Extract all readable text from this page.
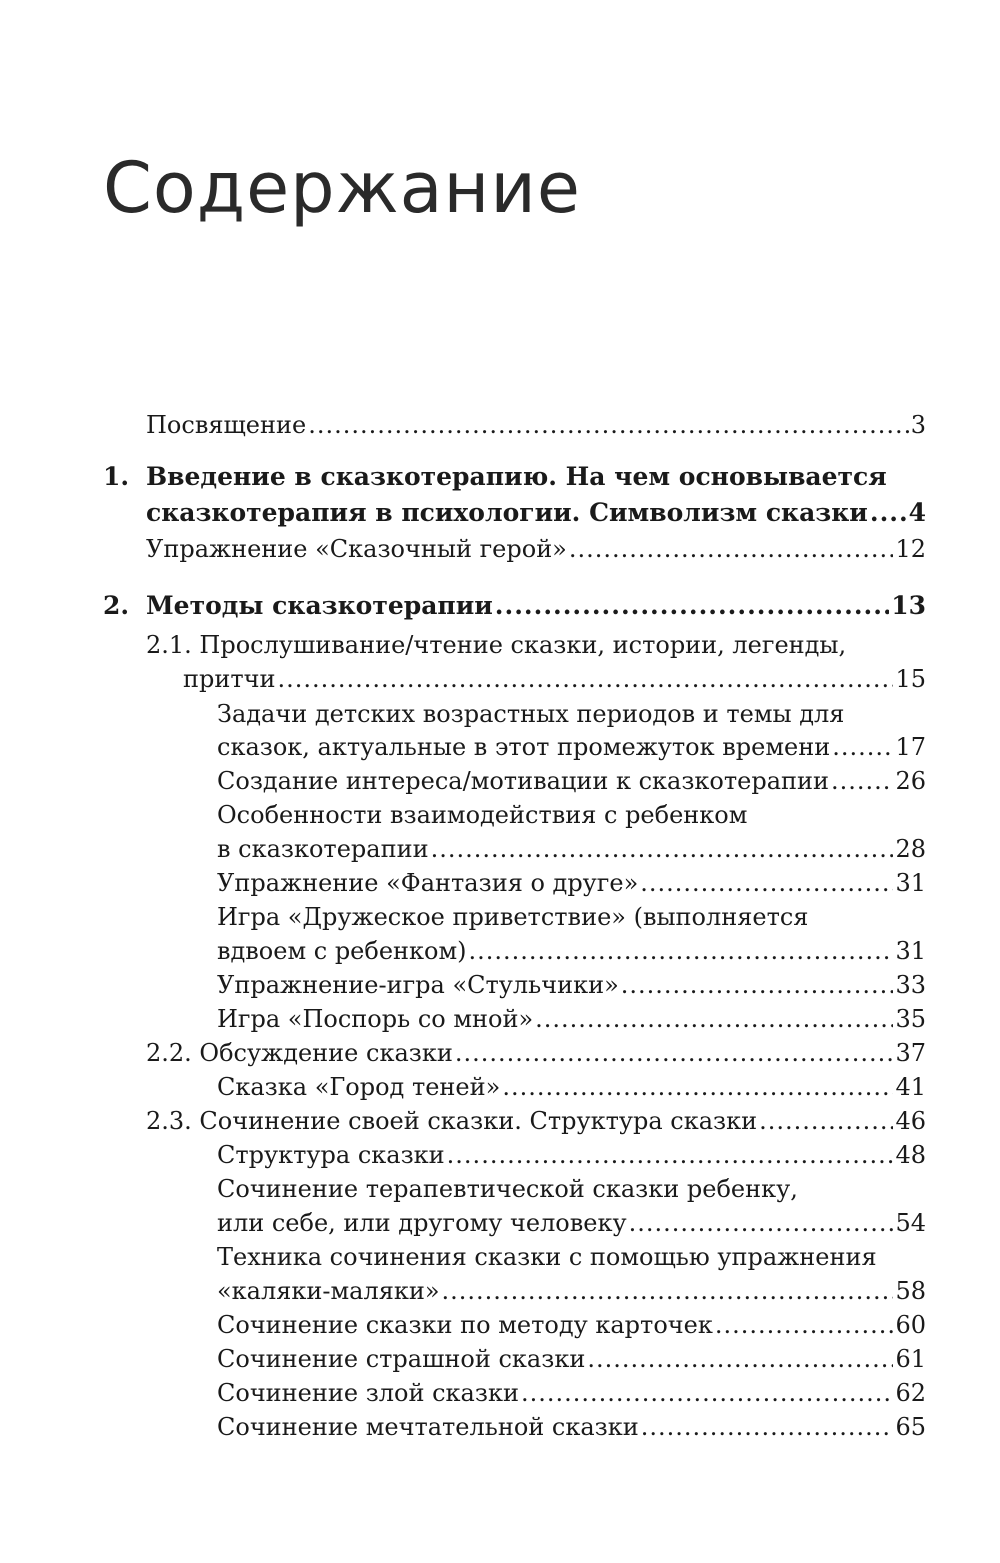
Содержание
Посвящение .....	3
1. Введение в сказкотерапию. На чем основывается
сказкотерапия в психологии. Символизм сказки ..... 4
Упражнение «Сказочный герой» .....	12
2. Методы сказкотерапии .....	13
2.1. Прослушивание/чтение сказки, истории, легенды,
притчи .....	15
Задачи детских возрастных периодов и темы для
сказок, актуальные в этот промежуток времени .....	17
Создание интереса/мотивации к сказкотерапии .....	26
Особенности взаимодействия с ребенком
в сказкотерапии .....	28
Упражнение «Фантазия о друге» .....	31
Игра «Дружеское приветствие» (выполняется
вдвоем с ребенком) .....	31
Упражнение-игра «Стульчики» .....	33
Игра «Поспорь со мной» .....	35
2.2. Обсуждение сказки .....	37
Сказка «Город теней» .....	41
2.3. Сочинение своей сказки. Структура сказки .....	46
Структура сказки .....	48
Сочинение терапевтической сказки ребенку,
или себе, или другому человеку .....	54
Техника сочинения сказки с помощью упражнения
«каляки-маляки» .....	58
Сочинение сказки по методу карточек .....	60
Сочинение страшной сказки .....	61
Сочинение злой сказки .....	62
Сочинение мечтательной сказки .....	65
